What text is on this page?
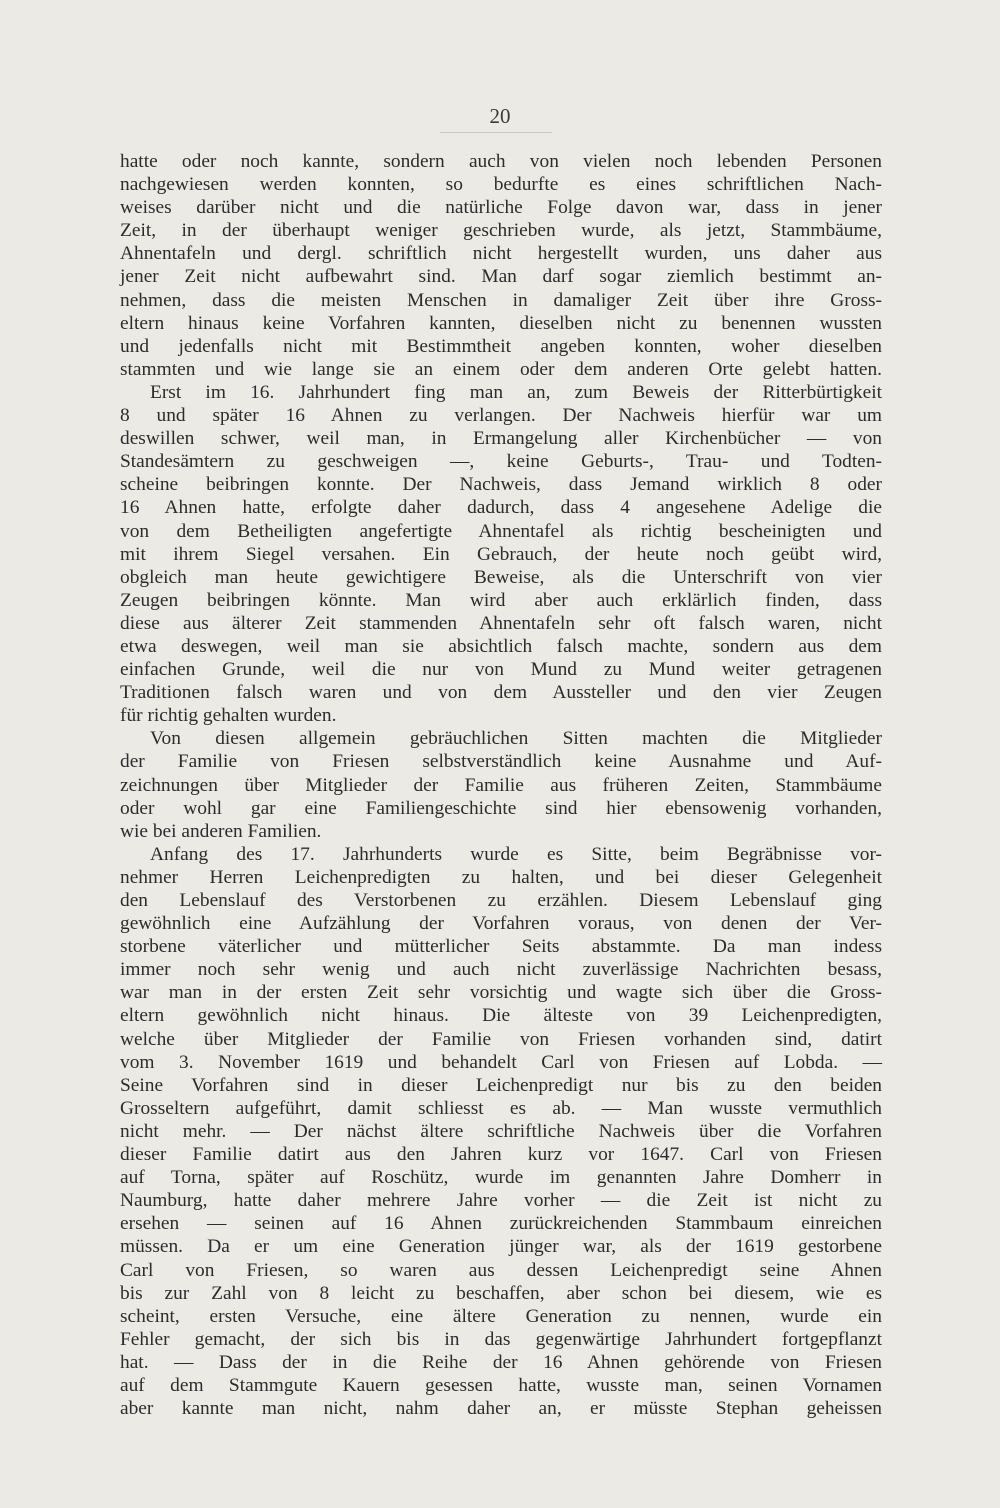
20
hatte oder noch kannte, sondern auch von vielen noch lebenden Personen
nachgewiesen werden konnten, so bedurfte es eines schriftlichen Nach-
weises darüber nicht und die natürliche Folge davon war, dass in jener
Zeit, in der überhaupt weniger geschrieben wurde, als jetzt, Stammbäume,
Ahnentafeln und dergl. schriftlich nicht hergestellt wurden, uns daher aus
jener Zeit nicht aufbewahrt sind. Man darf sogar ziemlich bestimmt an-
nehmen, dass die meisten Menschen in damaliger Zeit über ihre Gross-
eltern hinaus keine Vorfahren kannten, dieselben nicht zu benennen wussten
und jedenfalls nicht mit Bestimmtheit angeben konnten, woher dieselben
stammten und wie lange sie an einem oder dem anderen Orte gelebt hatten.
Erst im 16. Jahrhundert fing man an, zum Beweis der Ritterbürtigkeit
8 und später 16 Ahnen zu verlangen. Der Nachweis hierfür war um
deswillen schwer, weil man, in Ermangelung aller Kirchenbücher — von
Standesämtern zu geschweigen —, keine Geburts-, Trau- und Todten-
scheine beibringen konnte. Der Nachweis, dass Jemand wirklich 8 oder
16 Ahnen hatte, erfolgte daher dadurch, dass 4 angesehene Adelige die
von dem Betheiligten angefertigte Ahnentafel als richtig bescheinigten und
mit ihrem Siegel versahen. Ein Gebrauch, der heute noch geübt wird,
obgleich man heute gewichtigere Beweise, als die Unterschrift von vier
Zeugen beibringen könnte. Man wird aber auch erklärlich finden, dass
diese aus älterer Zeit stammenden Ahnentafeln sehr oft falsch waren, nicht
etwa deswegen, weil man sie absichtlich falsch machte, sondern aus dem
einfachen Grunde, weil die nur von Mund zu Mund weiter getragenen
Traditionen falsch waren und von dem Aussteller und den vier Zeugen
für richtig gehalten wurden.
Von diesen allgemein gebräuchlichen Sitten machten die Mitglieder
der Familie von Friesen selbstverständlich keine Ausnahme und Auf-
zeichnungen über Mitglieder der Familie aus früheren Zeiten, Stammbäume
oder wohl gar eine Familiengeschichte sind hier ebensowenig vorhanden,
wie bei anderen Familien.
Anfang des 17. Jahrhunderts wurde es Sitte, beim Begräbnisse vor-
nehmer Herren Leichenpredigten zu halten, und bei dieser Gelegenheit
den Lebenslauf des Verstorbenen zu erzählen. Diesem Lebenslauf ging
gewöhnlich eine Aufzählung der Vorfahren voraus, von denen der Ver-
storbene väterlicher und mütterlicher Seits abstammte. Da man indess
immer noch sehr wenig und auch nicht zuverlässige Nachrichten besass,
war man in der ersten Zeit sehr vorsichtig und wagte sich über die Gross-
eltern gewöhnlich nicht hinaus. Die älteste von 39 Leichenpredigten,
welche über Mitglieder der Familie von Friesen vorhanden sind, datirt
vom 3. November 1619 und behandelt Carl von Friesen auf Lobda. —
Seine Vorfahren sind in dieser Leichenpredigt nur bis zu den beiden
Grosseltern aufgeführt, damit schliesst es ab. — Man wusste vermuthlich
nicht mehr. — Der nächst ältere schriftliche Nachweis über die Vorfahren
dieser Familie datirt aus den Jahren kurz vor 1647. Carl von Friesen
auf Torna, später auf Roschütz, wurde im genannten Jahre Domherr in
Naumburg, hatte daher mehrere Jahre vorher — die Zeit ist nicht zu
ersehen — seinen auf 16 Ahnen zurückreichenden Stammbaum einreichen
müssen. Da er um eine Generation jünger war, als der 1619 gestorbene
Carl von Friesen, so waren aus dessen Leichenpredigt seine Ahnen
bis zur Zahl von 8 leicht zu beschaffen, aber schon bei diesem, wie es
scheint, ersten Versuche, eine ältere Generation zu nennen, wurde ein
Fehler gemacht, der sich bis in das gegenwärtige Jahrhundert fortgepflanzt
hat. — Dass der in die Reihe der 16 Ahnen gehörende von Friesen
auf dem Stammgute Kauern gesessen hatte, wusste man, seinen Vornamen
aber kannte man nicht, nahm daher an, er müsste Stephan geheissen
